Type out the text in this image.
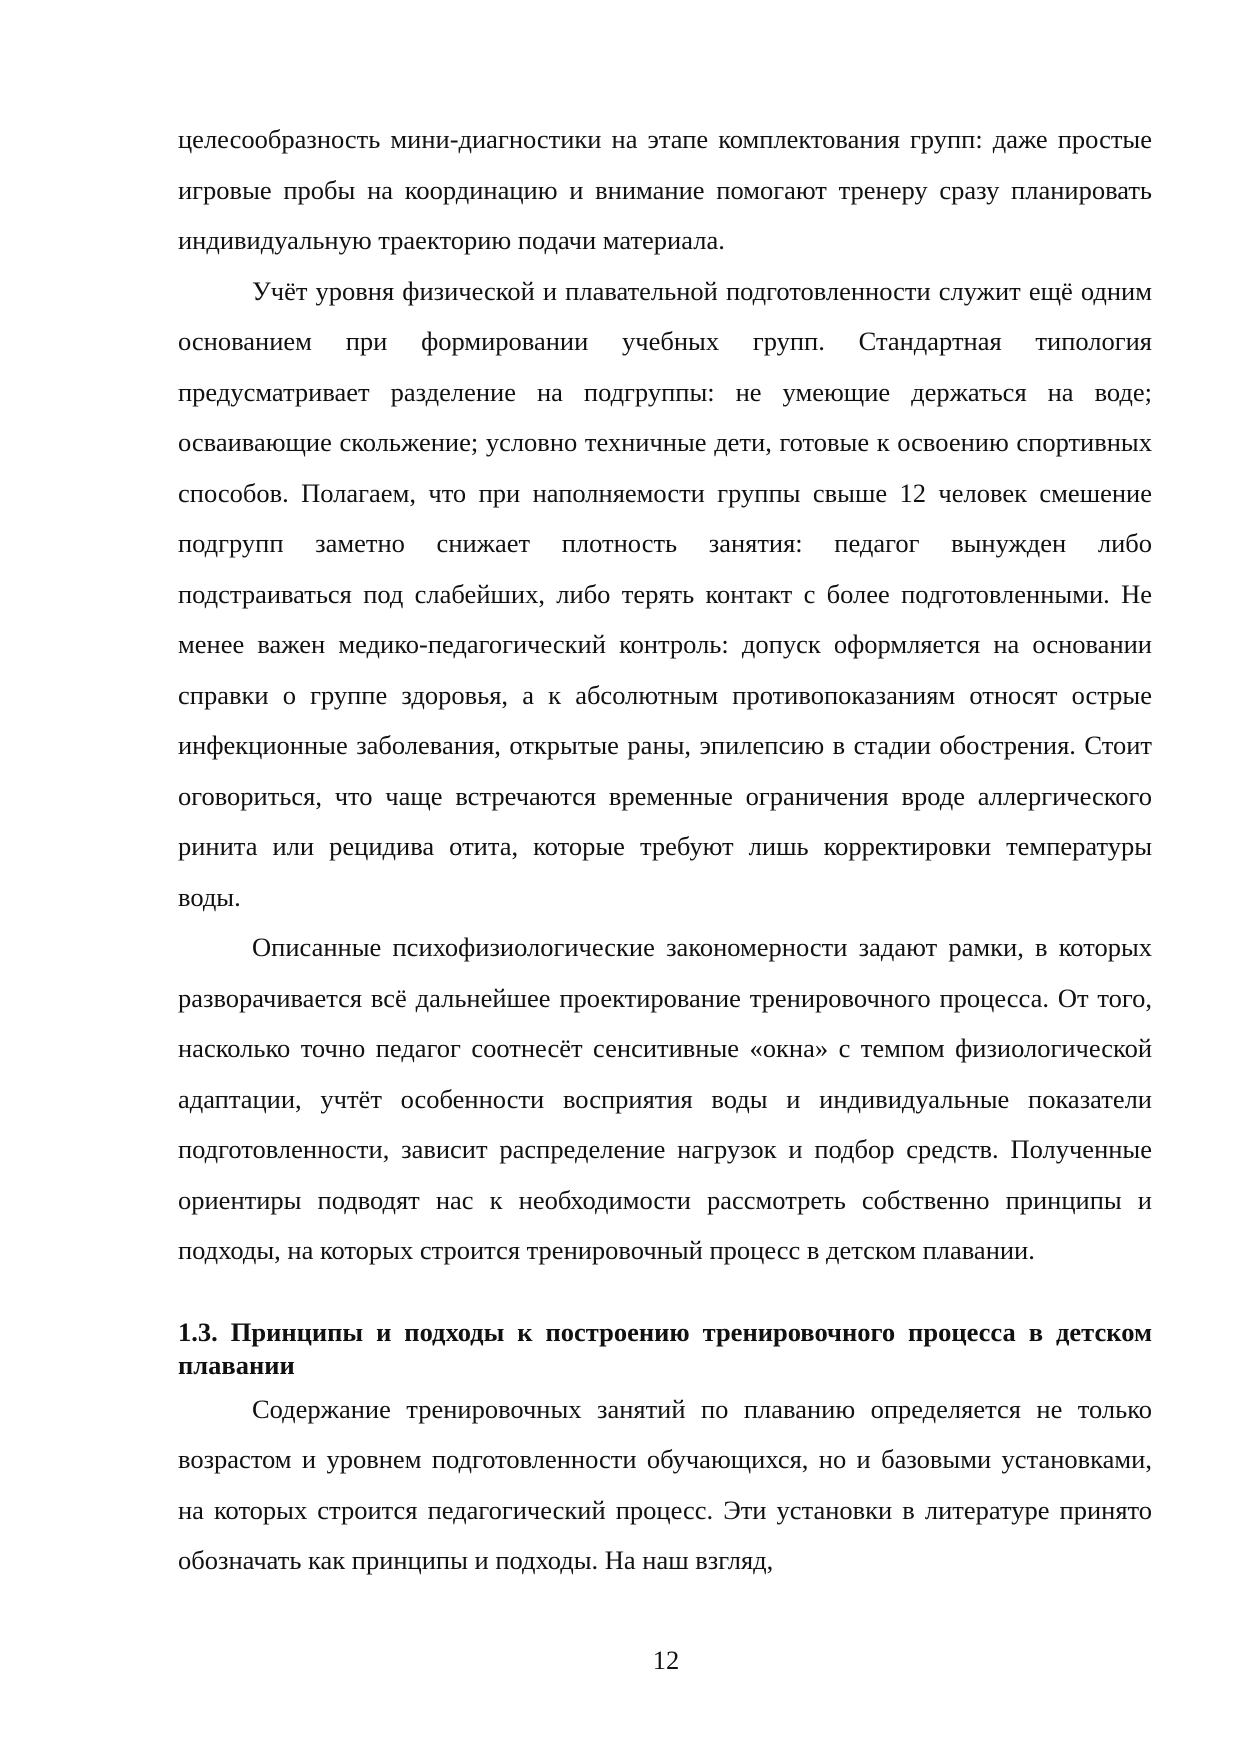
целесообразность мини-диагностики на этапе комплектования групп: даже простые игровые пробы на координацию и внимание помогают тренеру сразу планировать индивидуальную траекторию подачи материала.

Учёт уровня физической и плавательной подготовленности служит ещё одним основанием при формировании учебных групп. Стандартная типология предусматривает разделение на подгруппы: не умеющие держаться на воде; осваивающие скольжение; условно техничные дети, готовые к освоению спортивных способов. Полагаем, что при наполняемости группы свыше 12 человек смешение подгрупп заметно снижает плотность занятия: педагог вынужден либо подстраиваться под слабейших, либо терять контакт с более подготовленными. Не менее важен медико-педагогический контроль: допуск оформляется на основании справки о группе здоровья, а к абсолютным противопоказаниям относят острые инфекционные заболевания, открытые раны, эпилепсию в стадии обострения. Стоит оговориться, что чаще встречаются временные ограничения вроде аллергического ринита или рецидива отита, которые требуют лишь корректировки температуры воды.

Описанные психофизиологические закономерности задают рамки, в которых разворачивается всё дальнейшее проектирование тренировочного процесса. От того, насколько точно педагог соотнесёт сенситивные «окна» с темпом физиологической адаптации, учтёт особенности восприятия воды и индивидуальные показатели подготовленности, зависит распределение нагрузок и подбор средств. Полученные ориентиры подводят нас к необходимости рассмотреть собственно принципы и подходы, на которых строится тренировочный процесс в детском плавании.

1.3. Принципы и подходы к построению тренировочного процесса в детском плавании

Содержание тренировочных занятий по плаванию определяется не только возрастом и уровнем подготовленности обучающихся, но и базовыми установками, на которых строится педагогический процесс. Эти установки в литературе принято обозначать как принципы и подходы. На наш взгляд,

12
